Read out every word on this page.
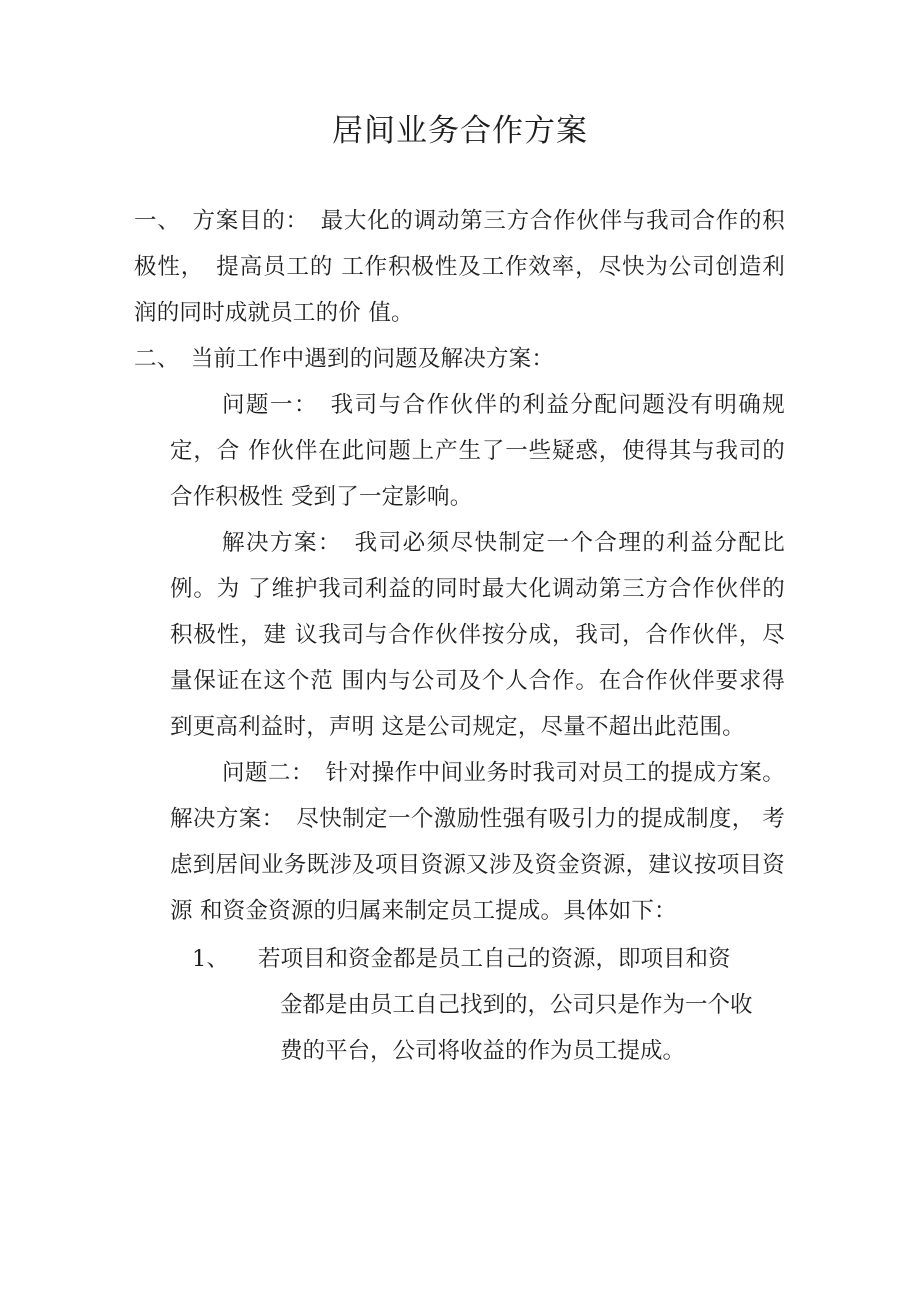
居间业务合作方案

一、　方案目的：　最大化的调动第三方合作伙伴与我司合作的积极性，　提高员工的 工作积极性及工作效率，尽快为公司创造利润的同时成就员工的价 值。

二、　当前工作中遇到的问题及解决方案：

问题一：　我司与合作伙伴的利益分配问题没有明确规定，合 作伙伴在此问题上产生了一些疑惑，使得其与我司的合作积极性 受到了一定影响。

解决方案：　我司必须尽快制定一个合理的利益分配比例。为 了维护我司利益的同时最大化调动第三方合作伙伴的积极性，建 议我司与合作伙伴按分成，我司，合作伙伴，尽量保证在这个范 围内与公司及个人合作。在合作伙伴要求得到更高利益时，声明 这是公司规定，尽量不超出此范围。

问题二：　针对操作中间业务时我司对员工的提成方案。 解决方案：　尽快制定一个激励性强有吸引力的提成制度， 考 虑到居间业务既涉及项目资源又涉及资金资源，建议按项目资源 和资金资源的归属来制定员工提成。具体如下：

1、	若项目和资金都是员工自己的资源，即项目和资
金都是由员工自己找到的，公司只是作为一个收
费的平台，公司将收益的作为员工提成。
